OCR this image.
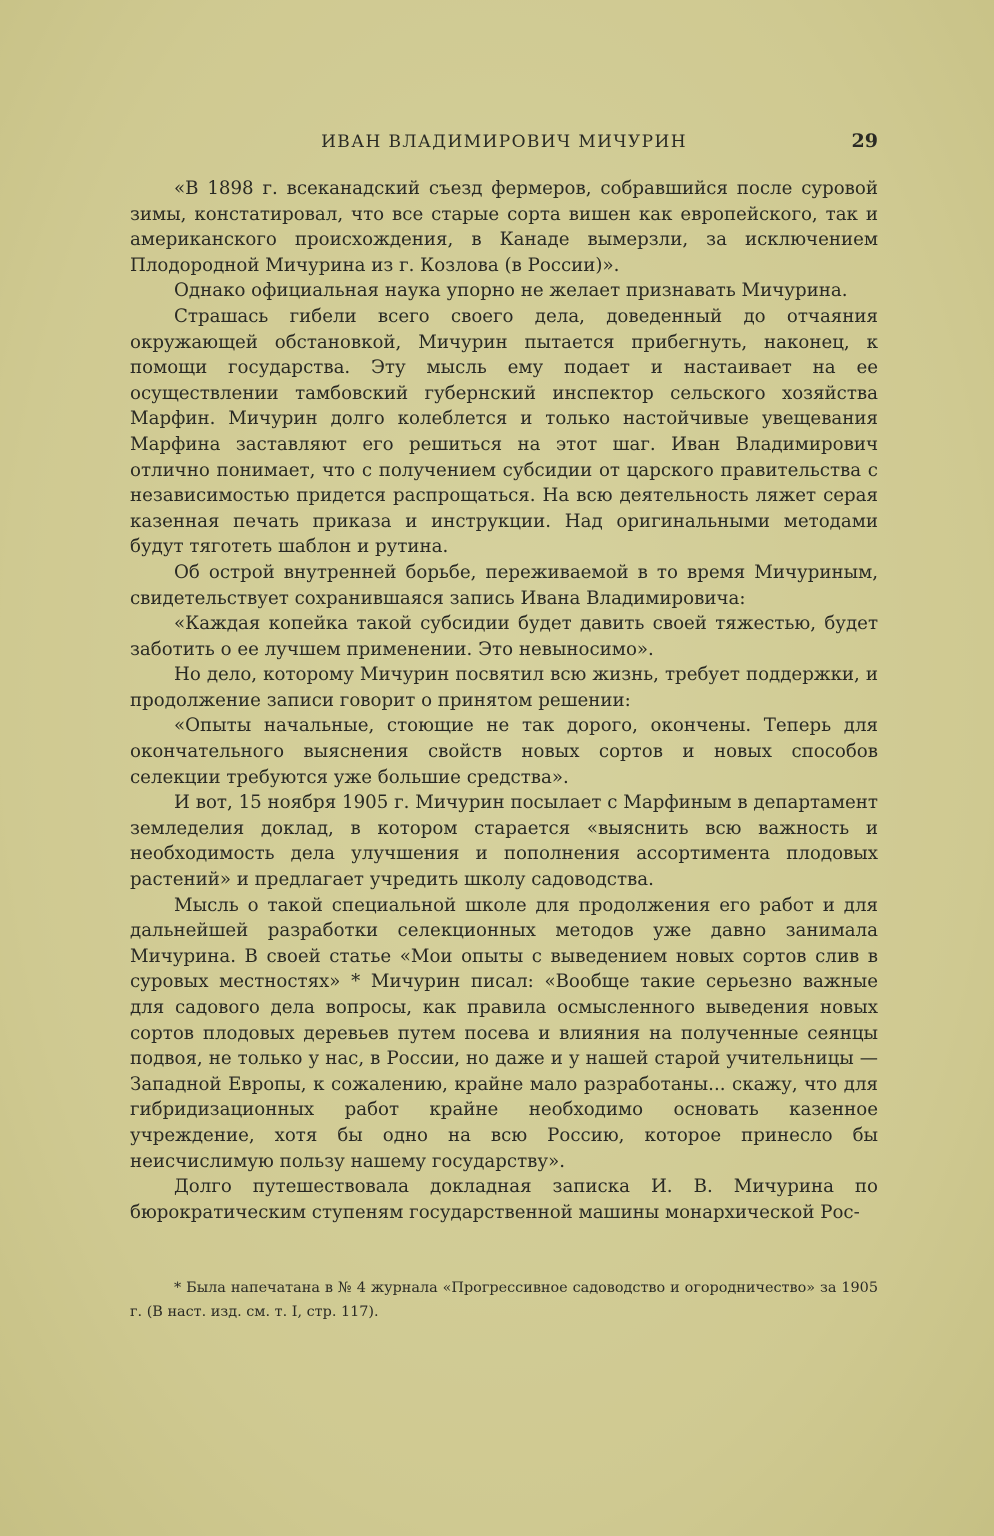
ИВАН ВЛАДИМИРОВИЧ МИЧУРИН	29

«В 1898 г. всеканадский съезд фермеров, собравшийся после суровой зимы, констатировал, что все старые сорта вишен как европейского, так и американского происхождения, в Канаде вымерзли, за исключением Плодородной Мичурина из г. Козлова (в России)».

Однако официальная наука упорно не желает признавать Мичурина.

Страшась гибели всего своего дела, доведенный до отчаяния окружающей обстановкой, Мичурин пытается прибегнуть, наконец, к помощи государства. Эту мысль ему подает и настаивает на ее осуществлении тамбовский губернский инспектор сельского хозяйства Марфин. Мичурин долго колеблется и только настойчивые увещевания Марфина заставляют его решиться на этот шаг. Иван Владимирович отлично понимает, что с получением субсидии от царского правительства с независимостью придется распрощаться. На всю деятельность ляжет серая казенная печать приказа и инструкции. Над оригинальными методами будут тяготеть шаблон и рутина.

Об острой внутренней борьбе, переживаемой в то время Мичуриным, свидетельствует сохранившаяся запись Ивана Владимировича:

«Каждая копейка такой субсидии будет давить своей тяжестью, будет заботить о ее лучшем применении. Это невыносимо».

Но дело, которому Мичурин посвятил всю жизнь, требует поддержки, и продолжение записи говорит о принятом решении:

«Опыты начальные, стоющие не так дорого, окончены. Теперь для окончательного выяснения свойств новых сортов и новых способов селекции требуются уже большие средства».

И вот, 15 ноября 1905 г. Мичурин посылает с Марфиным в департамент земледелия доклад, в котором старается «выяснить всю важность и необходимость дела улучшения и пополнения ассортимента плодовых растений» и предлагает учредить школу садоводства.

Мысль о такой специальной школе для продолжения его работ и для дальнейшей разработки селекционных методов уже давно занимала Мичурина. В своей статье «Мои опыты с выведением новых сортов слив в суровых местностях» * Мичурин писал: «Вообще такие серьезно важные для садового дела вопросы, как правила осмысленного выведения новых сортов плодовых деревьев путем посева и влияния на полученные сеянцы подвоя, не только у нас, в России, но даже и у нашей старой учительницы — Западной Европы, к сожалению, крайне мало разработаны... скажу, что для гибридизационных работ крайне необходимо основать казенное учреждение, хотя бы одно на всю Россию, которое принесло бы неисчислимую пользу нашему государству».

Долго путешествовала докладная записка И. В. Мичурина по бюрократическим ступеням государственной машины монархической Рос-

* Была напечатана в № 4 журнала «Прогрессивное садоводство и огородничество» за 1905 г. (В наст. изд. см. т. I, стр. 117).
